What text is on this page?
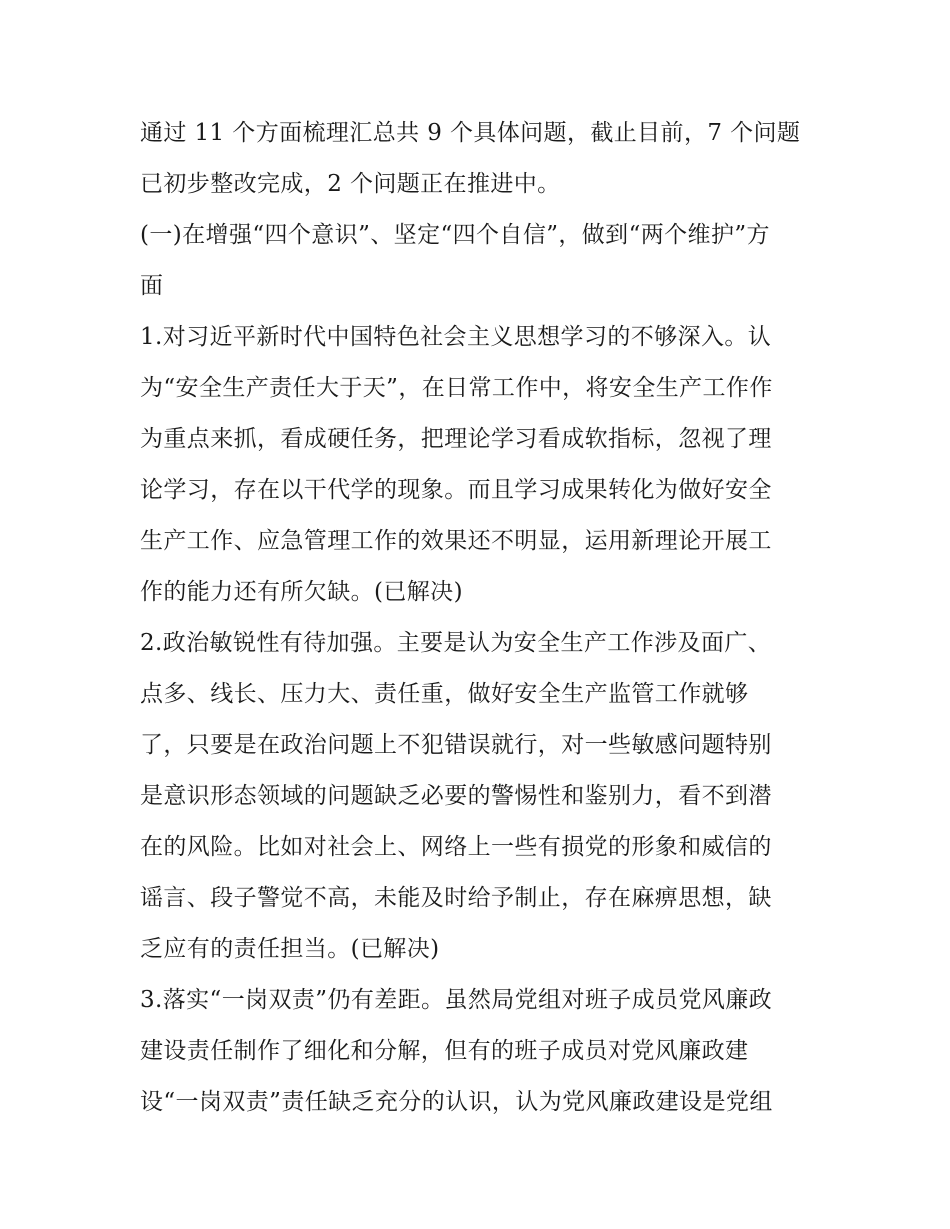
通过 11 个方面梳理汇总共 9 个具体问题，截止目前，7 个问题
已初步整改完成，2 个问题正在推进中。
(一)在增强“四个意识”、坚定“四个自信”，做到“两个维护”方
面
1.对习近平新时代中国特色社会主义思想学习的不够深入。认
为“安全生产责任大于天”，在日常工作中，将安全生产工作作
为重点来抓，看成硬任务，把理论学习看成软指标，忽视了理
论学习，存在以干代学的现象。而且学习成果转化为做好安全
生产工作、应急管理工作的效果还不明显，运用新理论开展工
作的能力还有所欠缺。(已解决)
2.政治敏锐性有待加强。主要是认为安全生产工作涉及面广、
点多、线长、压力大、责任重，做好安全生产监管工作就够
了，只要是在政治问题上不犯错误就行，对一些敏感问题特别
是意识形态领域的问题缺乏必要的警惕性和鉴别力，看不到潜
在的风险。比如对社会上、网络上一些有损党的形象和威信的
谣言、段子警觉不高，未能及时给予制止，存在麻痹思想，缺
乏应有的责任担当。(已解决)
3.落实“一岗双责”仍有差距。虽然局党组对班子成员党风廉政
建设责任制作了细化和分解，但有的班子成员对党风廉政建
设“一岗双责”责任缺乏充分的认识，认为党风廉政建设是党组
